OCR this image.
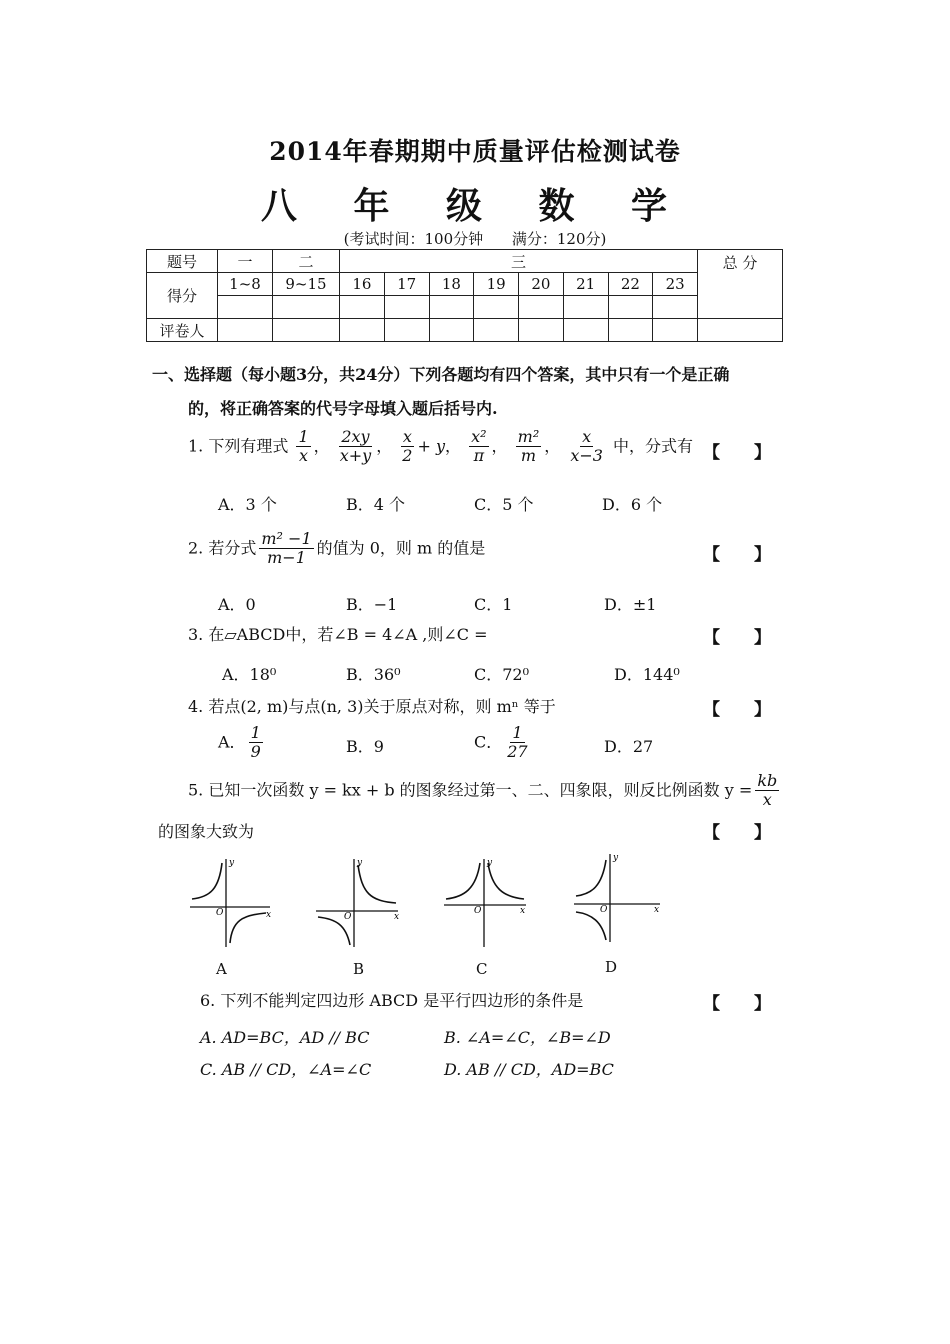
2014年春期期中质量评估检测试卷
八 年 级 数 学
(考试时间：100分钟 满分：120分)
题号	一	二	三								总 分
得分	1~8	9~15	16	17	18	19	20	21	22	23	

评卷人											
一、选择题（每小题3分，共24分）下列各题均有四个答案，其中只有一个是正确
的，将正确答案的代号字母填入题后括号内.
1. 下列有理式 $\frac{1}{x}$ ， $\frac{2xy}{x+y}$ ， $\frac{x}{2} + y$， $\frac{\text{x²}}{\pi}$ ， $\frac{\text{m²}}{m}$ ， $\frac{x}{x-3}$ 中，分式有 【 】
A．3 个	B．4 个	C．5 个	D．6 个
2. 若分式 $\frac{\text{m² −1}}{m-1}$ 的值为 0，则 m 的值是	【 】
A．0	B．−1	C．1	D．±1
3. 在▱ABCD中，若∠B = 4∠A ,则∠C =	【 】
A．18⁰	B．36⁰	C．72⁰	D．144⁰
4. 若点(2, m)与点(n, 3)关于原点对称，则 mⁿ 等于	【 】
A． $\frac{1}{9}$	B．9	C． $\frac{1}{27}$	D．27
5. 已知一次函数 y = kx + b 的图象经过第一、二、四象限，则反比例函数 $y = \frac{kb}{x}$
的图象大致为	【 】
O
y
x	O
y
x
O
y
x	O
y
x
A	B	C	D
6. 下列不能判定四边形 ABCD 是平行四边形的条件是	【 】
A. AD=BC，AD // BC	B. ∠A=∠C，∠B=∠D
C. AB // CD，∠A=∠C	D. AB // CD，AD=BC
